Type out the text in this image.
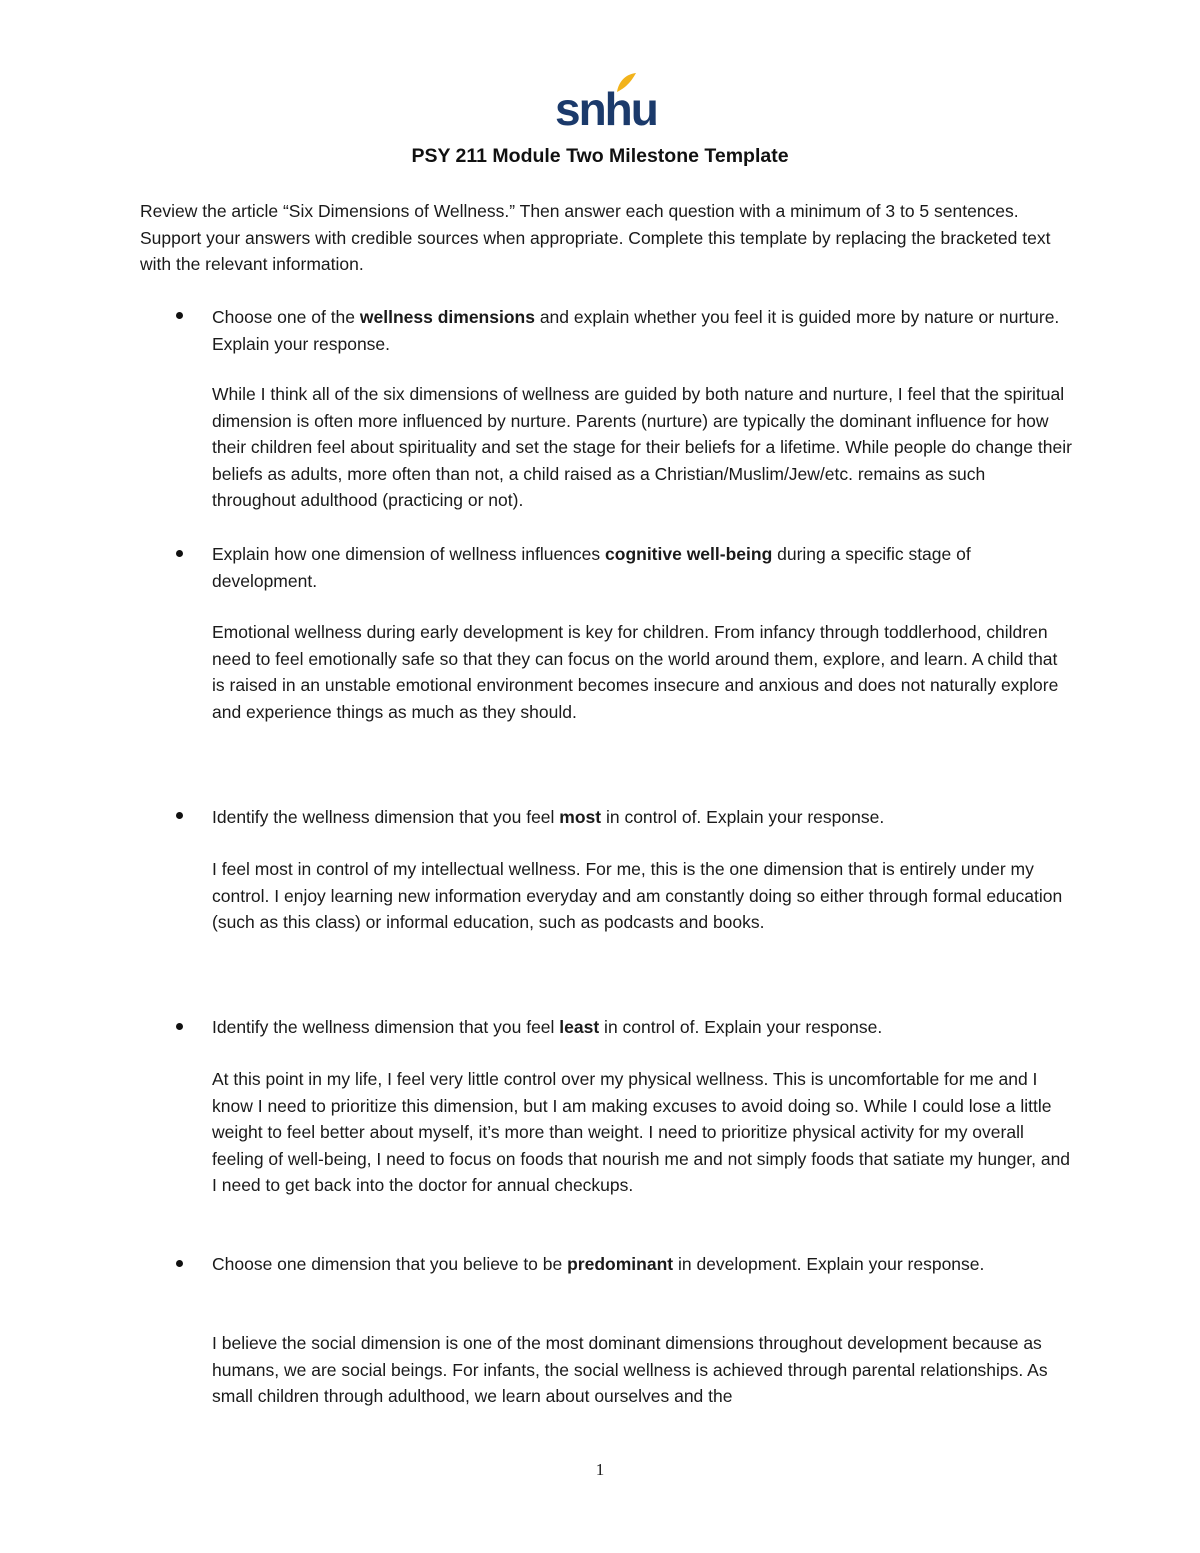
snhu
PSY 211 Module Two Milestone Template
Review the article “Six Dimensions of Wellness.” Then answer each question with a minimum of 3 to 5 sentences. Support your answers with credible sources when appropriate. Complete this template by replacing the bracketed text with the relevant information.
Choose one of the wellness dimensions and explain whether you feel it is guided more by nature or nurture. Explain your response.
While I think all of the six dimensions of wellness are guided by both nature and nurture, I feel that the spiritual dimension is often more influenced by nurture. Parents (nurture) are typically the dominant influence for how their children feel about spirituality and set the stage for their beliefs for a lifetime. While people do change their beliefs as adults, more often than not, a child raised as a Christian/Muslim/Jew/etc. remains as such throughout adulthood (practicing or not).
Explain how one dimension of wellness influences cognitive well-being during a specific stage of development.
Emotional wellness during early development is key for children. From infancy through toddlerhood, children need to feel emotionally safe so that they can focus on the world around them, explore, and learn. A child that is raised in an unstable emotional environment becomes insecure and anxious and does not naturally explore and experience things as much as they should.
Identify the wellness dimension that you feel most in control of. Explain your response.
I feel most in control of my intellectual wellness. For me, this is the one dimension that is entirely under my control. I enjoy learning new information everyday and am constantly doing so either through formal education (such as this class) or informal education, such as podcasts and books.
Identify the wellness dimension that you feel least in control of. Explain your response.
At this point in my life, I feel very little control over my physical wellness. This is uncomfortable for me and I know I need to prioritize this dimension, but I am making excuses to avoid doing so. While I could lose a little weight to feel better about myself, it’s more than weight. I need to prioritize physical activity for my overall feeling of well-being, I need to focus on foods that nourish me and not simply foods that satiate my hunger, and I need to get back into the doctor for annual checkups.
Choose one dimension that you believe to be predominant in development. Explain your response.
I believe the social dimension is one of the most dominant dimensions throughout development because as humans, we are social beings. For infants, the social wellness is achieved through parental relationships. As small children through adulthood, we learn about ourselves and the
1
